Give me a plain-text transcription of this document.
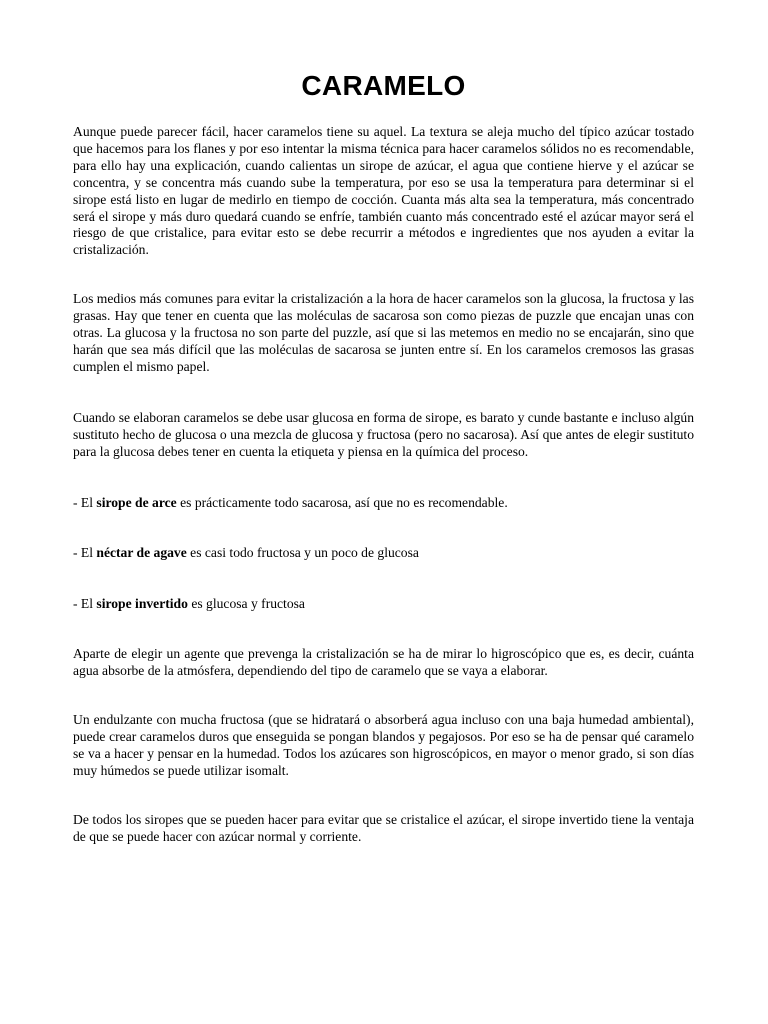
CARAMELO

Aunque puede parecer fácil, hacer caramelos tiene su aquel. La textura se aleja mucho del típico azúcar tostado que hacemos para los flanes y por eso intentar la misma técnica para hacer caramelos sólidos no es recomendable, para ello hay una explicación, cuando calientas un sirope de azúcar, el agua que contiene hierve y el azúcar se concentra, y se concentra más cuando sube la temperatura, por eso se usa la temperatura para determinar si el sirope está listo en lugar de medirlo en tiempo de cocción. Cuanta más alta sea la temperatura, más concentrado será el sirope y más duro quedará cuando se enfríe, también cuanto más concentrado esté el azúcar mayor será el riesgo de que cristalice, para evitar esto se debe recurrir a métodos e ingredientes que nos ayuden a evitar la cristalización.

Los medios más comunes para evitar la cristalización a la hora de hacer caramelos son la glucosa, la fructosa y las grasas. Hay que tener en cuenta que las moléculas de sacarosa son como piezas de puzzle que encajan unas con otras. La glucosa y la fructosa no son parte del puzzle, así que si las metemos en medio no se encajarán, sino que harán que sea más difícil que las moléculas de sacarosa se junten entre sí. En los caramelos cremosos las grasas cumplen el mismo papel.

Cuando se elaboran caramelos se debe usar glucosa en forma de sirope, es barato y cunde bastante e incluso algún sustituto hecho de glucosa o una mezcla de glucosa y fructosa (pero no sacarosa). Así que antes de elegir sustituto para la glucosa debes tener en cuenta la etiqueta y piensa en la química del proceso.

- El sirope de arce es prácticamente todo sacarosa, así que no es recomendable.

- El néctar de agave es casi todo fructosa y un poco de glucosa

- El sirope invertido es glucosa y fructosa

Aparte de elegir un agente que prevenga la cristalización se ha de mirar lo higroscópico que es, es decir, cuánta agua absorbe de la atmósfera, dependiendo del tipo de caramelo que se vaya a elaborar.

Un endulzante con mucha fructosa (que se hidratará o absorberá agua incluso con una baja humedad ambiental), puede crear caramelos duros que enseguida se pongan blandos y pegajosos. Por eso se ha de pensar qué caramelo se va a hacer y pensar en la humedad. Todos los azúcares son higroscópicos, en mayor o menor grado, si son días muy húmedos se puede utilizar isomalt.

De todos los siropes que se pueden hacer para evitar que se cristalice el azúcar, el sirope invertido tiene la ventaja de que se puede hacer con azúcar normal y corriente.
